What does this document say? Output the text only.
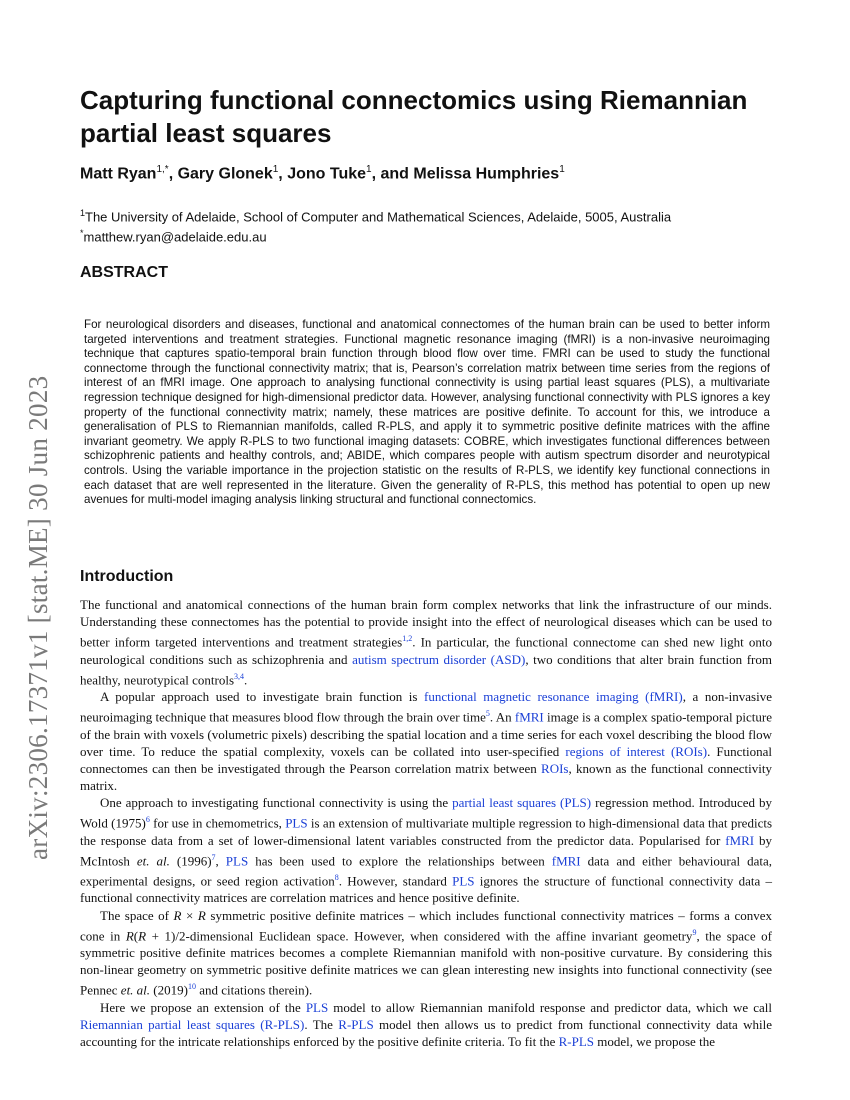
arXiv:2306.17371v1 [stat.ME] 30 Jun 2023
Capturing functional connectomics using Riemannian partial least squares
Matt Ryan$^{1,*}$, Gary Glonek$^1$, Jono Tuke$^1$, and Melissa Humphries$^1$
$^1$The University of Adelaide, School of Computer and Mathematical Sciences, Adelaide, 5005, Australia
*matthew.ryan@adelaide.edu.au
ABSTRACT

For neurological disorders and diseases, functional and anatomical connectomes of the human brain can be used to better inform targeted interventions and treatment strategies. Functional magnetic resonance imaging (fMRI) is a non-invasive neuroimaging technique that captures spatio-temporal brain function through blood flow over time. FMRI can be used to study the functional connectome through the functional connectivity matrix; that is, Pearson’s correlation matrix between time series from the regions of interest of an fMRI image. One approach to analysing functional connectivity is using partial least squares (PLS), a multivariate regression technique designed for high-dimensional predictor data. However, analysing functional connectivity with PLS ignores a key property of the functional connectivity matrix; namely, these matrices are positive definite. To account for this, we introduce a generalisation of PLS to Riemannian manifolds, called R-PLS, and apply it to symmetric positive definite matrices with the affine invariant geometry. We apply R-PLS to two functional imaging datasets: COBRE, which investigates functional differences between schizophrenic patients and healthy controls, and; ABIDE, which compares people with autism spectrum disorder and neurotypical controls. Using the variable importance in the projection statistic on the results of R-PLS, we identify key functional connections in each dataset that are well represented in the literature. Given the generality of R-PLS, this method has potential to open up new avenues for multi-model imaging analysis linking structural and functional connectomics.

Introduction

The functional and anatomical connections of the human brain form complex networks that link the infrastructure of our minds. Understanding these connectomes has the potential to provide insight into the effect of neurological diseases which can be used to better inform targeted interventions and treatment strategies$^{1,2}$. In particular, the functional connectome can shed new light onto neurological conditions such as schizophrenia and autism spectrum disorder (ASD), two conditions that alter brain function from healthy, neurotypical controls$^{3,4}$.

A popular approach used to investigate brain function is functional magnetic resonance imaging (fMRI), a non-invasive neuroimaging technique that measures blood flow through the brain over time$^5$. An fMRI image is a complex spatio-temporal picture of the brain with voxels (volumetric pixels) describing the spatial location and a time series for each voxel describing the blood flow over time. To reduce the spatial complexity, voxels can be collated into user-specified regions of interest (ROIs). Functional connectomes can then be investigated through the Pearson correlation matrix between ROIs, known as the functional connectivity matrix.

One approach to investigating functional connectivity is using the partial least squares (PLS) regression method. Introduced by Wold (1975)$^6$ for use in chemometrics, PLS is an extension of multivariate multiple regression to high-dimensional data that predicts the response data from a set of lower-dimensional latent variables constructed from the predictor data. Popularised for fMRI by McIntosh et. al. (1996)$^7$, PLS has been used to explore the relationships between fMRI data and either behavioural data, experimental designs, or seed region activation$^8$. However, standard PLS ignores the structure of functional connectivity data – functional connectivity matrices are correlation matrices and hence positive definite.

The space of R × R symmetric positive definite matrices – which includes functional connectivity matrices – forms a convex cone in R(R + 1)/2-dimensional Euclidean space. However, when considered with the affine invariant geometry$^9$, the space of symmetric positive definite matrices becomes a complete Riemannian manifold with non-positive curvature. By considering this non-linear geometry on symmetric positive definite matrices we can glean interesting new insights into functional connectivity (see Pennec et. al. (2019)$^{10}$ and citations therein).

Here we propose an extension of the PLS model to allow Riemannian manifold response and predictor data, which we call Riemannian partial least squares (R-PLS). The R-PLS model then allows us to predict from functional connectivity data while accounting for the intricate relationships enforced by the positive definite criteria. To fit the R-PLS model, we propose the
